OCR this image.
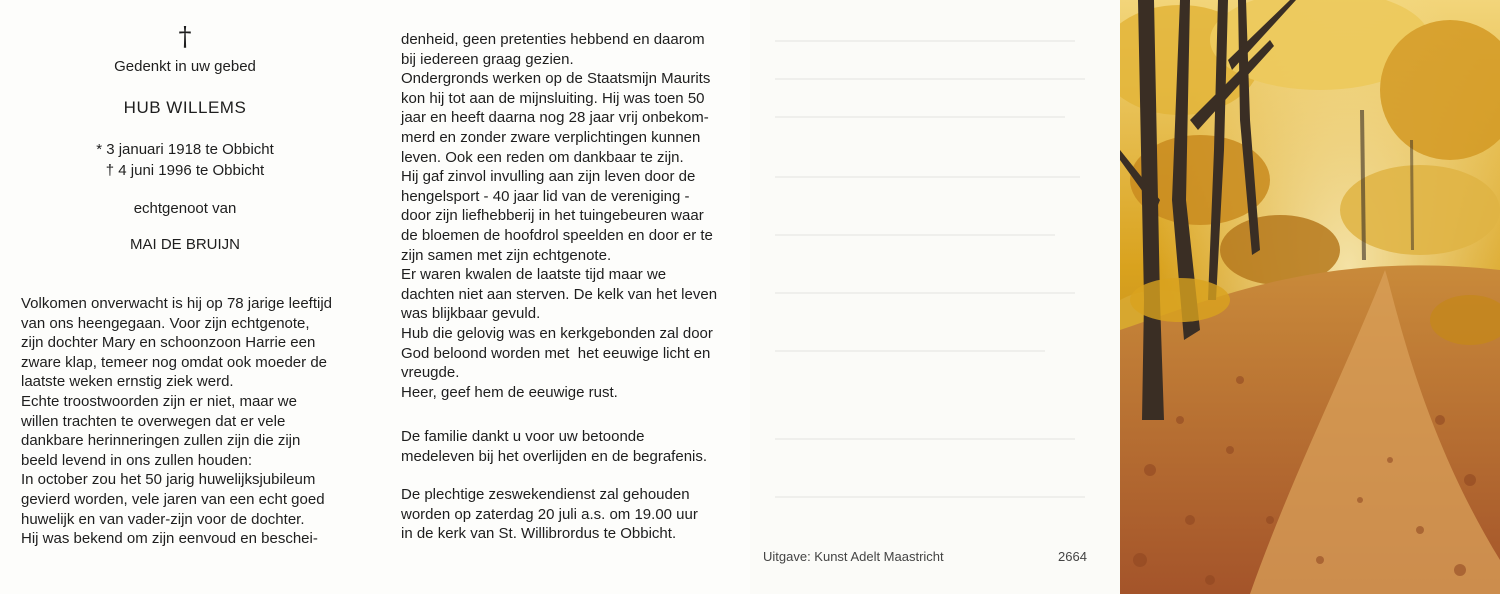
†
Gedenkt in uw gebed
HUB WILLEMS
* 3 januari 1918 te Obbicht
† 4 juni 1996 te Obbicht
echtgenoot van
MAI DE BRUIJN
Volkomen onverwacht is hij op 78 jarige leeftijd
van ons heengegaan. Voor zijn echtgenote,
zijn dochter Mary en schoonzoon Harrie een
zware klap, temeer nog omdat ook moeder de
laatste weken ernstig ziek werd.
Echte troostwoorden zijn er niet, maar we
willen trachten te overwegen dat er vele
dankbare herinneringen zullen zijn die zijn
beeld levend in ons zullen houden:
In october zou het 50 jarig huwelijksjubileum
gevierd worden, vele jaren van een echt goed
huwelijk en van vader-zijn voor de dochter.
Hij was bekend om zijn eenvoud en beschei-
denheid, geen pretenties hebbend en daarom
bij iedereen graag gezien.
Ondergronds werken op de Staatsmijn Maurits
kon hij tot aan de mijnsluiting. Hij was toen 50
jaar en heeft daarna nog 28 jaar vrij onbekom-
merd en zonder zware verplichtingen kunnen
leven. Ook een reden om dankbaar te zijn.
Hij gaf zinvol invulling aan zijn leven door de
hengelsport - 40 jaar lid van de vereniging -
door zijn liefhebberij in het tuingebeuren waar
de bloemen de hoofdrol speelden en door er te
zijn samen met zijn echtgenote.
Er waren kwalen de laatste tijd maar we
dachten niet aan sterven. De kelk van het leven
was blijkbaar gevuld.
Hub die gelovig was en kerkgebonden zal door
God beloond worden met  het eeuwige licht en
vreugde.
Heer, geef hem de eeuwige rust.
De familie dankt u voor uw betoonde
medeleven bij het overlijden en de begrafenis.
De plechtige zeswekendienst zal gehouden
worden op zaterdag 20 juli a.s. om 19.00 uur
in de kerk van St. Willibrordus te Obbicht.
Uitgave: Kunst Adelt Maastricht	2664
